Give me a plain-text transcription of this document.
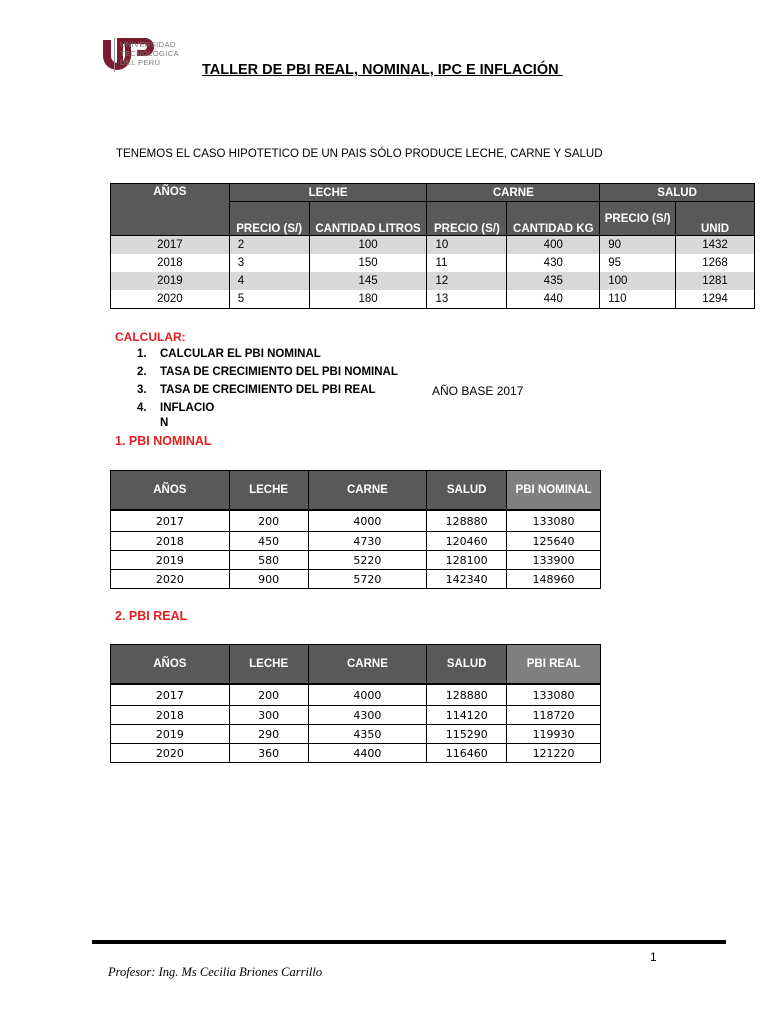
UNIVERSIDAD
TECNOLÓGICA
DEL PERÚ	TALLER DE PBI REAL, NOMINAL, IPC E INFLACIÓN
TENEMOS EL CASO HIPOTETICO DE UN PAIS SÓLO PRODUCE LECHE, CARNE Y SALUD
AÑOS	LECHE		CARNE		SALUD	
	PRECIO (S/)	CANTIDAD LITROS	PRECIO (S/)	CANTIDAD KG	PRECIO (S/)	UNID
2017	2	100	10	400	90	1432
2018	3	150	11	430	95	1268
2019	4	145	12	435	100	1281
2020	5	180	13	440	110	1294
CALCULAR:
1. CALCULAR EL PBI NOMINAL
2. TASA DE CRECIMIENTO DEL PBI NOMINAL
3. TASA DE CRECIMIENTO DEL PBI REAL
4. INFLACIO
N
AÑO BASE 2017
1. PBI NOMINAL
AÑOS	LECHE	CARNE	SALUD	PBI NOMINAL
2017	200	4000	128880	133080
2018	450	4730	120460	125640
2019	580	5220	128100	133900
2020	900	5720	142340	148960
2. PBI REAL
AÑOS	LECHE	CARNE	SALUD	PBI REAL
2017	200	4000	128880	133080
2018	300	4300	114120	118720
2019	290	4350	115290	119930
2020	360	4400	116460	121220
1
Profesor: Ing. Ms Cecilia Briones Carrillo
